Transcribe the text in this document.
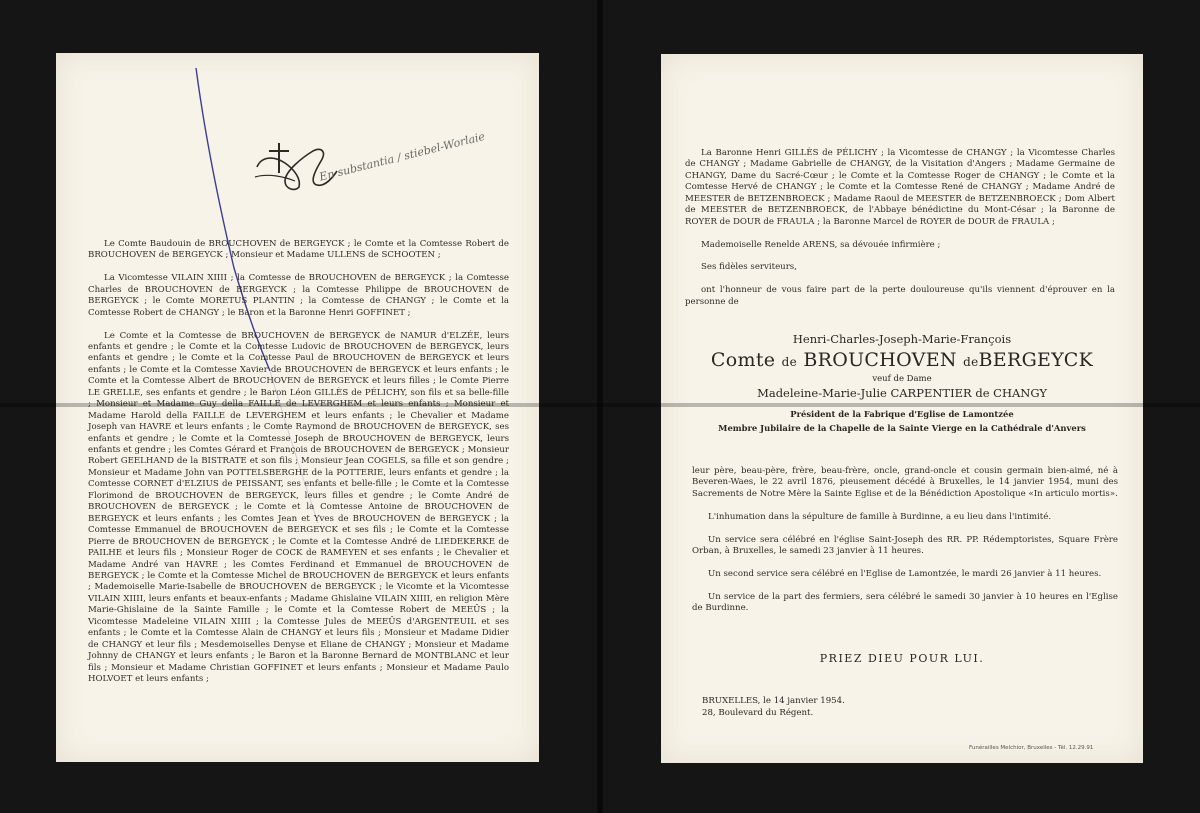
En substantia / stiebel-Worlaie

Le Comte Baudouin de BROUCHOVEN de BERGEYCK ; le Comte et la Comtesse Robert de BROUCHOVEN de BERGEYCK ; Monsieur et Madame ULLENS de SCHOOTEN ;

La Vicomtesse VILAIN XIIII ; la Comtesse de BROUCHOVEN de BERGEYCK ; la Comtesse Charles de BROUCHOVEN de BERGEYCK ; la Comtesse Philippe de BROUCHOVEN de BERGEYCK ; le Comte MORETUS PLANTIN ; la Comtesse de CHANGY ; le Comte et la Comtesse Robert de CHANGY ; le Baron et la Baronne Henri GOFFINET ;

Le Comte et la Comtesse de BROUCHOVEN de BERGEYCK de NAMUR d'ELZÉE, leurs enfants et gendre ; le Comte et la Comtesse Ludovic de BROUCHOVEN de BERGEYCK, leurs enfants et gendre ; le Comte et la Comtesse Paul de BROUCHOVEN de BERGEYCK et leurs enfants ; le Comte et la Comtesse Xavier de BROUCHOVEN de BERGEYCK et leurs enfants ; le Comte et la Comtesse Albert de BROUCHOVEN de BERGEYCK et leurs filles ; le Comte Pierre LE GRELLE, ses enfants et gendre ; le Baron Léon GILLÈS de PÉLICHY, son fils et sa belle-fille ; Monsieur et Madame Guy della FAILLE de LEVERGHEM et leurs enfants ; Monsieur et Madame Harold della FAILLE de LEVERGHEM et leurs enfants ; le Chevalier et Madame Joseph van HAVRE et leurs enfants ; le Comte Raymond de BROUCHOVEN de BERGEYCK, ses enfants et gendre ; le Comte et la Comtesse Joseph de BROUCHOVEN de BERGEYCK, leurs enfants et gendre ; les Comtes Gérard et François de BROUCHOVEN de BERGEYCK ; Monsieur Robert GEELHAND de la BISTRATE et son fils ; Monsieur Jean COGELS, sa fille et son gendre ; Monsieur et Madame John van POTTELSBERGHE de la POTTERIE, leurs enfants et gendre ; la Comtesse CORNET d'ELZIUS de PEISSANT, ses enfants et belle-fille ; le Comte et la Comtesse Florimond de BROUCHOVEN de BERGEYCK, leurs filles et gendre ; le Comte André de BROUCHOVEN de BERGEYCK ; le Comte et la Comtesse Antoine de BROUCHOVEN de BERGEYCK et leurs enfants ; les Comtes Jean et Yves de BROUCHOVEN de BERGEYCK ; la Comtesse Emmanuel de BROUCHOVEN de BERGEYCK et ses fils ; le Comte et la Comtesse Pierre de BROUCHOVEN de BERGEYCK ; le Comte et la Comtesse André de LIEDEKERKE de PAILHE et leurs fils ; Monsieur Roger de COCK de RAMEYEN et ses enfants ; le Chevalier et Madame André van HAVRE ; les Comtes Ferdinand et Emmanuel de BROUCHOVEN de BERGEYCK ; le Comte et la Comtesse Michel de BROUCHOVEN de BERGEYCK et leurs enfants ; Mademoiselle Marie-Isabelle de BROUCHOVEN de BERGEYCK ; le Vicomte et la Vicomtesse VILAIN XIIII, leurs enfants et beaux-enfants ; Madame Ghislaine VILAIN XIIII, en religion Mère Marie-Ghislaine de la Sainte Famille ; le Comte et la Comtesse Robert de MEEÛS ; la Vicomtesse Madeleine VILAIN XIIII ; la Comtesse Jules de MEEÛS d'ARGENTEUIL et ses enfants ; le Comte et la Comtesse Alain de CHANGY et leurs fils ; Monsieur et Madame Didier de CHANGY et leur fils ; Mesdemoiselles Denyse et Eliane de CHANGY ; Monsieur et Madame Johnny de CHANGY et leurs enfants ; le Baron et la Baronne Bernard de MONTBLANC et leur fils ; Monsieur et Madame Christian GOFFINET et leurs enfants ; Monsieur et Madame Paulo HOLVOET et leurs enfants ;

La Baronne Henri GILLÈS de PÉLICHY ; la Vicomtesse de CHANGY ; la Vicomtesse Charles de CHANGY ; Madame Gabrielle de CHANGY, de la Visitation d'Angers ; Madame Germaine de CHANGY, Dame du Sacré-Cœur ; le Comte et la Comtesse Roger de CHANGY ; le Comte et la Comtesse Hervé de CHANGY ; le Comte et la Comtesse René de CHANGY ; Madame André de MEESTER de BETZENBROECK ; Madame Raoul de MEESTER de BETZENBROECK ; Dom Albert de MEESTER de BETZENBROECK, de l'Abbaye bénédictine du Mont-César ; la Baronne de ROYER de DOUR de FRAULA ; la Baronne Marcel de ROYER de DOUR de FRAULA ;

Mademoiselle Renelde ARENS, sa dévouée infirmière ;

Ses fidèles serviteurs,

ont l'honneur de vous faire part de la perte douloureuse qu'ils viennent d'éprouver en la personne de

Henri-Charles-Joseph-Marie-François
Comte de BROUCHOVEN deBERGEYCK
veuf de Dame
Madeleine-Marie-Julie CARPENTIER de CHANGY
Président de la Fabrique d'Eglise de Lamontzée
Membre Jubilaire de la Chapelle de la Sainte Vierge en la Cathédrale d'Anvers

leur père, beau-père, frère, beau-frère, oncle, grand-oncle et cousin germain bien-aimé, né à Beveren-Waes, le 22 avril 1876, pieusement décédé à Bruxelles, le 14 janvier 1954, muni des Sacrements de Notre Mère la Sainte Eglise et de la Bénédiction Apostolique «In articulo mortis».

L'inhumation dans la sépulture de famille à Burdinne, a eu lieu dans l'intimité.

Un service sera célébré en l'église Saint-Joseph des RR. PP. Rédemptoristes, Square Frère Orban, à Bruxelles, le samedi 23 janvier à 11 heures.

Un second service sera célébré en l'Eglise de Lamontzée, le mardi 26 janvier à 11 heures.

Un service de la part des fermiers, sera célébré le samedi 30 janvier à 10 heures en l'Eglise de Burdinne.

PRIEZ DIEU POUR LUI.
BRUXELLES, le 14 janvier 1954.
28, Boulevard du Régent.
Funérailles Melchior, Bruxelles - Tél. 12.29.91
